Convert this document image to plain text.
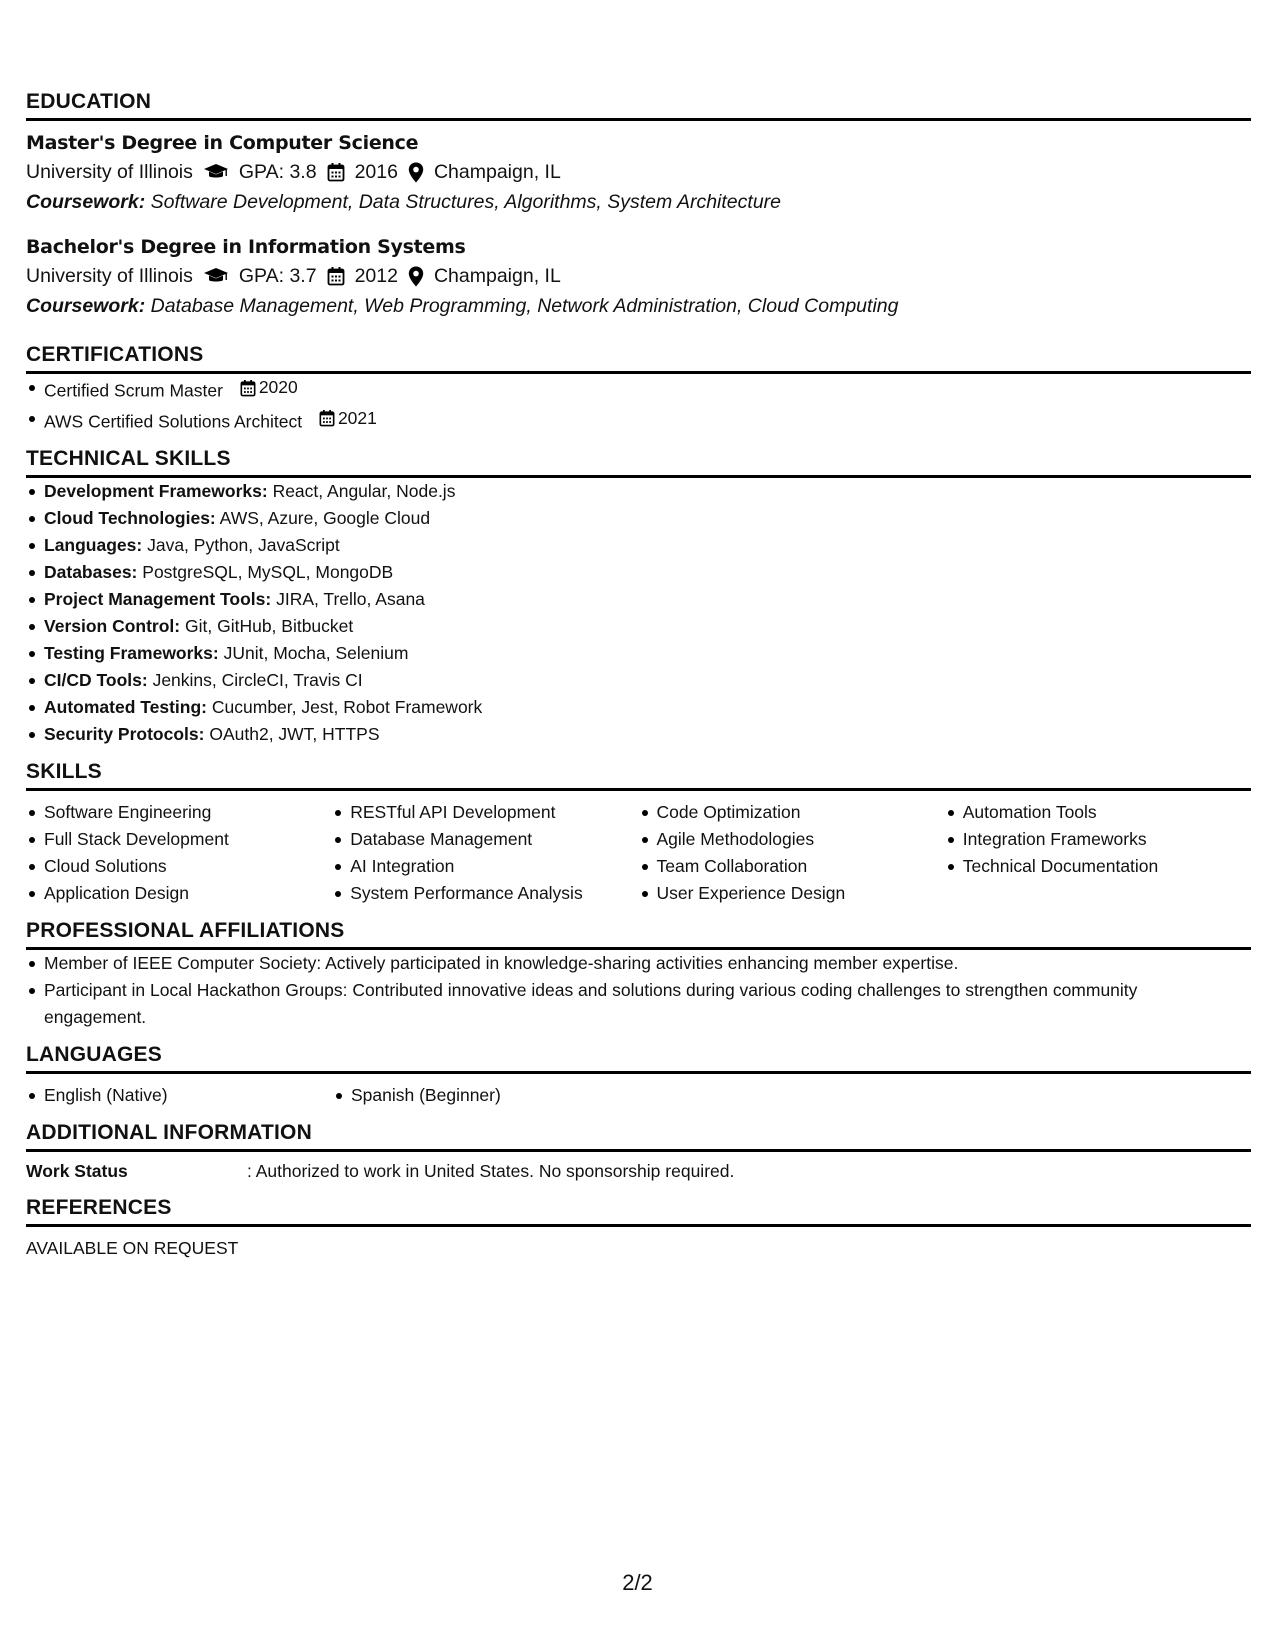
EDUCATION
Master's Degree in Computer Science
University of Illinois GPA: 3.8 2016 Champaign, IL
Coursework: Software Development, Data Structures, Algorithms, System Architecture
Bachelor's Degree in Information Systems
University of Illinois GPA: 3.7 2012 Champaign, IL
Coursework: Database Management, Web Programming, Network Administration, Cloud Computing
CERTIFICATIONS
Certified Scrum Master 2020
AWS Certified Solutions Architect 2021
TECHNICAL SKILLS
Development Frameworks: React, Angular, Node.js
Cloud Technologies: AWS, Azure, Google Cloud
Languages: Java, Python, JavaScript
Databases: PostgreSQL, MySQL, MongoDB
Project Management Tools: JIRA, Trello, Asana
Version Control: Git, GitHub, Bitbucket
Testing Frameworks: JUnit, Mocha, Selenium
CI/CD Tools: Jenkins, CircleCI, Travis CI
Automated Testing: Cucumber, Jest, Robot Framework
Security Protocols: OAuth2, JWT, HTTPS
SKILLS
Software Engineering
Full Stack Development
Cloud Solutions
Application Design
RESTful API Development
Database Management
AI Integration
System Performance Analysis
Code Optimization
Agile Methodologies
Team Collaboration
User Experience Design
Automation Tools
Integration Frameworks
Technical Documentation
PROFESSIONAL AFFILIATIONS
Member of IEEE Computer Society: Actively participated in knowledge-sharing activities enhancing member expertise.
Participant in Local Hackathon Groups: Contributed innovative ideas and solutions during various coding challenges to strengthen community engagement.
LANGUAGES
English (Native)	Spanish (Beginner)
ADDITIONAL INFORMATION
Work Status	: Authorized to work in United States. No sponsorship required.
REFERENCES
AVAILABLE ON REQUEST
2/2
